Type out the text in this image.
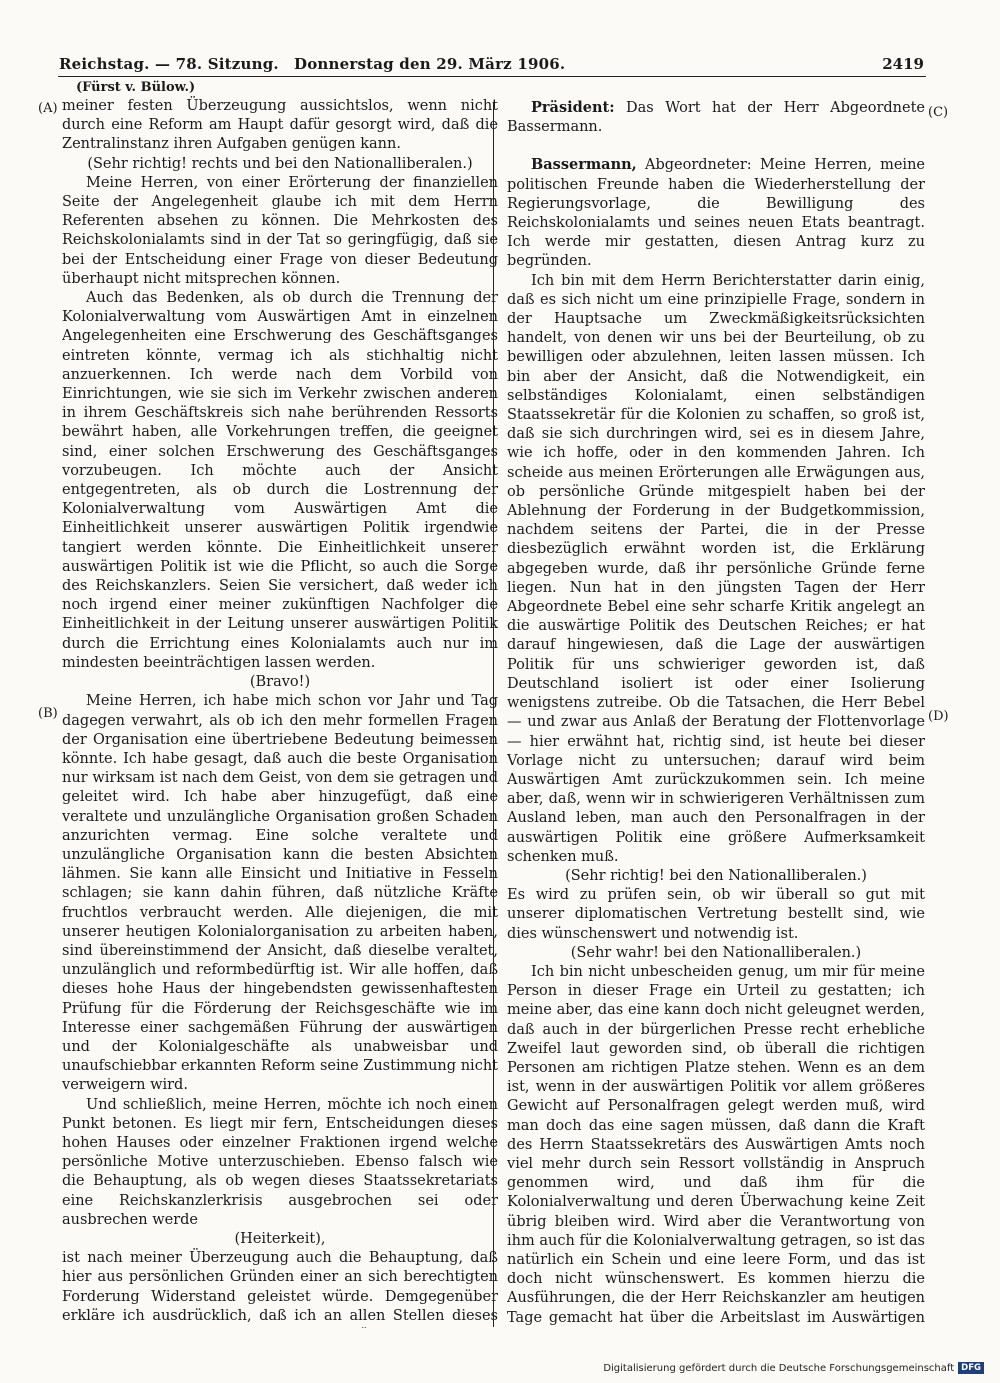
Reichstag. — 78. Sitzung. Donnerstag den 29. März 1906.	2419
(A)
(B)
(C)
(D)
(Fürst v. Bülow.)

meiner festen Überzeugung aussichtslos, wenn nicht durch eine Reform am Haupt dafür gesorgt wird, daß die Zentralinstanz ihren Aufgaben genügen kann.

(Sehr richtig! rechts und bei den Nationalliberalen.)

Meine Herren, von einer Erörterung der finanziellen Seite der Angelegenheit glaube ich mit dem Herrn Referenten absehen zu können. Die Mehrkosten des Reichskolonialamts sind in der Tat so geringfügig, daß sie bei der Entscheidung einer Frage von dieser Bedeutung überhaupt nicht mitsprechen können.

Auch das Bedenken, als ob durch die Trennung der Kolonialverwaltung vom Auswärtigen Amt in einzelnen Angelegenheiten eine Erschwerung des Geschäftsganges eintreten könnte, vermag ich als stichhaltig nicht anzuerkennen. Ich werde nach dem Vorbild von Einrichtungen, wie sie sich im Verkehr zwischen anderen in ihrem Geschäftskreis sich nahe berührenden Ressorts bewährt haben, alle Vorkehrungen treffen, die geeignet sind, einer solchen Erschwerung des Geschäftsganges vorzubeugen. Ich möchte auch der Ansicht entgegentreten, als ob durch die Lostrennung der Kolonialverwaltung vom Auswärtigen Amt die Einheitlichkeit unserer auswärtigen Politik irgendwie tangiert werden könnte. Die Einheitlichkeit unserer auswärtigen Politik ist wie die Pflicht, so auch die Sorge des Reichskanzlers. Seien Sie versichert, daß weder ich noch irgend einer meiner zukünftigen Nachfolger die Einheitlichkeit in der Leitung unserer auswärtigen Politik durch die Errichtung eines Kolonialamts auch nur im mindesten beeinträchtigen lassen werden.

(Bravo!)

Meine Herren, ich habe mich schon vor Jahr und Tag dagegen verwahrt, als ob ich den mehr formellen Fragen der Organisation eine übertriebene Bedeutung beimessen könnte. Ich habe gesagt, daß auch die beste Organisation nur wirksam ist nach dem Geist, von dem sie getragen und geleitet wird. Ich habe aber hinzugefügt, daß eine veraltete und unzulängliche Organisation großen Schaden anzurichten vermag. Eine solche veraltete und unzulängliche Organisation kann die besten Absichten lähmen. Sie kann alle Einsicht und Initiative in Fesseln schlagen; sie kann dahin führen, daß nützliche Kräfte fruchtlos verbraucht werden. Alle diejenigen, die mit unserer heutigen Kolonialorganisation zu arbeiten haben, sind übereinstimmend der Ansicht, daß dieselbe veraltet, unzulänglich und reformbedürftig ist. Wir alle hoffen, daß dieses hohe Haus der hingebendsten gewissenhaftesten Prüfung für die Förderung der Reichsgeschäfte wie im Interesse einer sachgemäßen Führung der auswärtigen und der Kolonialgeschäfte als unabweisbar und unaufschiebbar erkannten Reform seine Zustimmung nicht verweigern wird.

Und schließlich, meine Herren, möchte ich noch einen Punkt betonen. Es liegt mir fern, Entscheidungen dieses hohen Hauses oder einzelner Fraktionen irgend welche persönliche Motive unterzuschieben. Ebenso falsch wie die Behauptung, als ob wegen dieses Staatssekretariats eine Reichskanzlerkrisis ausgebrochen sei oder ausbrechen werde

(Heiterkeit),

ist nach meiner Überzeugung auch die Behauptung, daß hier aus persönlichen Gründen einer an sich berechtigten Forderung Widerstand geleistet würde. Demgegenüber erkläre ich ausdrücklich, daß ich an allen Stellen dieses

Präsident: Das Wort hat der Herr Abgeordnete Bassermann.

Bassermann, Abgeordneter: Meine Herren, meine politischen Freunde haben die Wiederherstellung der Regierungsvorlage, die Bewilligung des Reichskolonialamts und seines neuen Etats beantragt. Ich werde mir gestatten, diesen Antrag kurz zu begründen.

Ich bin mit dem Herrn Berichterstatter darin einig, daß es sich nicht um eine prinzipielle Frage, sondern in der Hauptsache um Zweckmäßigkeitsrücksichten handelt, von denen wir uns bei der Beurteilung, ob zu bewilligen oder abzulehnen, leiten lassen müssen. Ich bin aber der Ansicht, daß die Notwendigkeit, ein selbständiges Kolonialamt, einen selbständigen Staatssekretär für die Kolonien zu schaffen, so groß ist, daß sie sich durchringen wird, sei es in diesem Jahre, wie ich hoffe, oder in den kommenden Jahren. Ich scheide aus meinen Erörterungen alle Erwägungen aus, ob persönliche Gründe mitgespielt haben bei der Ablehnung der Forderung in der Budgetkommission, nachdem seitens der Partei, die in der Presse diesbezüglich erwähnt worden ist, die Erklärung abgegeben wurde, daß ihr persönliche Gründe ferne liegen. Nun hat in den jüngsten Tagen der Herr Abgeordnete Bebel eine sehr scharfe Kritik angelegt an die auswärtige Politik des Deutschen Reiches; er hat darauf hingewiesen, daß die Lage der auswärtigen Politik für uns schwieriger geworden ist, daß Deutschland isoliert ist oder einer Isolierung wenigstens zutreibe. Ob die Tatsachen, die Herr Bebel — und zwar aus Anlaß der Beratung der Flottenvorlage — hier erwähnt hat, richtig sind, ist heute bei dieser Vorlage nicht zu untersuchen; darauf wird beim Auswärtigen Amt zurückzukommen sein. Ich meine aber, daß, wenn wir in schwierigeren Verhältnissen zum Ausland leben, man auch den Personalfragen in der auswärtigen Politik eine größere Aufmerksamkeit schenken muß.

(Sehr richtig! bei den Nationalliberalen.)

Es wird zu prüfen sein, ob wir überall so gut mit unserer diplomatischen Vertretung bestellt sind, wie dies wünschenswert und notwendig ist.

(Sehr wahr! bei den Nationalliberalen.)

Ich bin nicht unbescheiden genug, um mir für meine Person in dieser Frage ein Urteil zu gestatten; ich meine aber, das eine kann doch nicht geleugnet werden, daß auch in der bürgerlichen Presse recht erhebliche Zweifel laut geworden sind, ob überall die richtigen Personen am richtigen Platze stehen. Wenn es an dem ist, wenn in der auswärtigen Politik vor allem größeres Gewicht auf Personalfragen gelegt werden muß, wird man doch das eine sagen müssen, daß dann die Kraft des Herrn Staatssekretärs des Auswärtigen Amts noch viel mehr durch sein Ressort vollständig in Anspruch genommen wird, und daß ihm für die Kolonialverwaltung und deren Überwachung keine Zeit übrig bleiben wird. Wird aber die Verantwortung von ihm auch für die Kolonialverwaltung getragen, so ist das natürlich ein Schein und eine leere Form, und das ist doch nicht wünschenswert. Es kommen hierzu die Ausführungen, die der Herr Reichskanzler am heutigen Tage gemacht hat über die Arbeitslast im Auswärtigen

Digitalisierung gefördert durch die Deutsche Forschungsgemeinschaft DFG
